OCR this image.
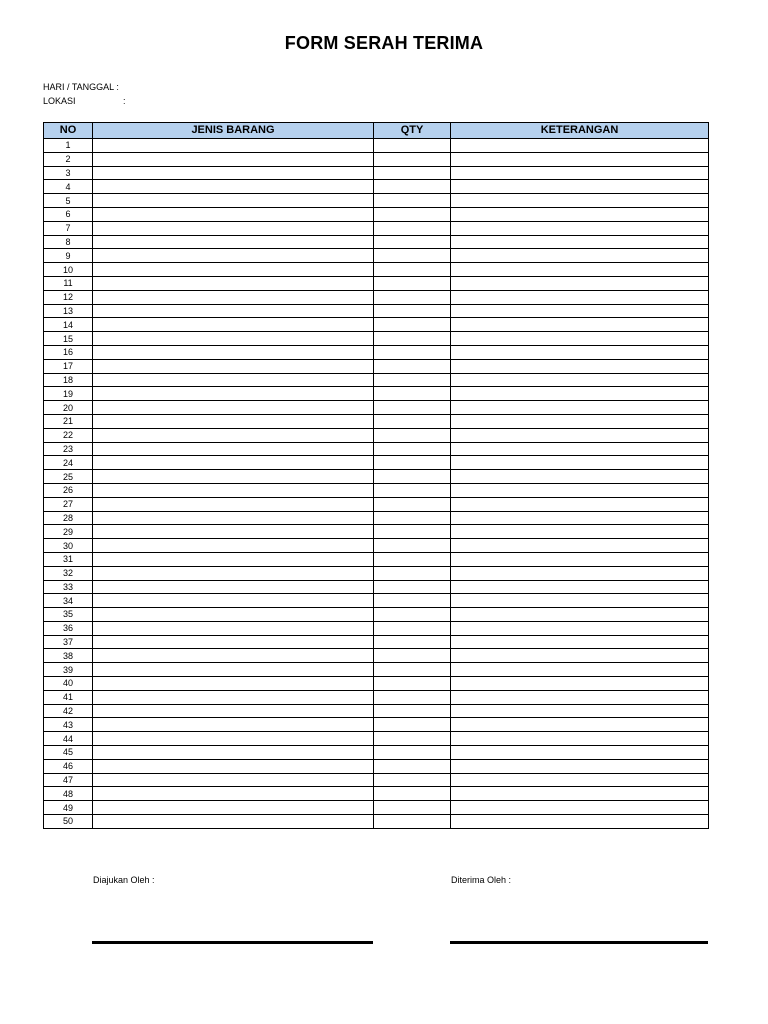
FORM SERAH TERIMA
HARI / TANGGAL :
LOKASI	:
NO	JENIS BARANG	QTY	KETERANGAN
1			
2			
3			
4			
5			
6			
7			
8			
9			
10			
11			
12			
13			
14			
15			
16			
17			
18			
19			
20			
21			
22			
23			
24			
25			
26			
27			
28			
29			
30			
31			
32			
33			
34			
35			
36			
37			
38			
39			
40			
41			
42			
43			
44			
45			
46			
47			
48			
49			
50			
Diajukan Oleh :	Diterima Oleh :
